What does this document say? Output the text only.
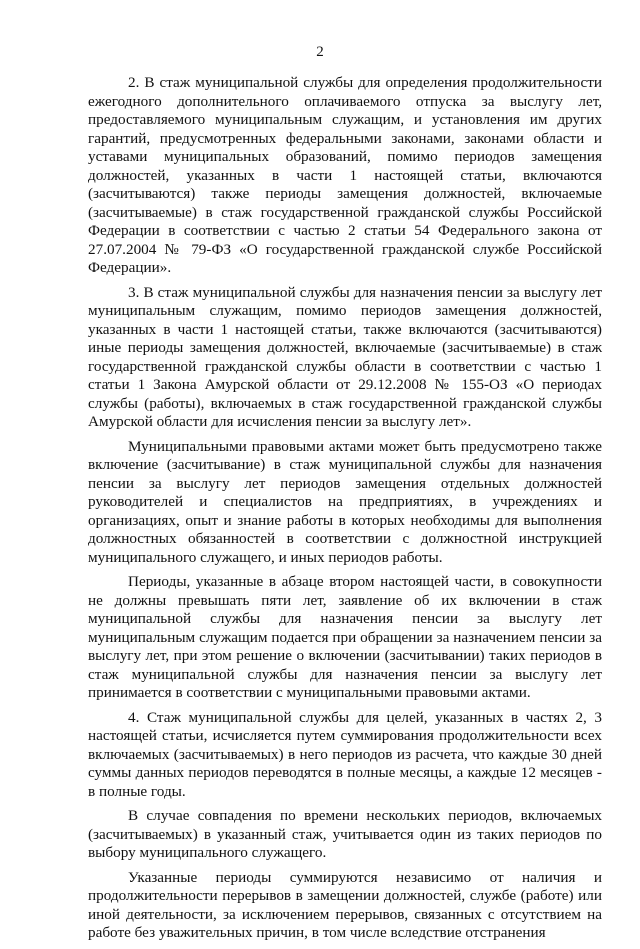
2

2. В стаж муниципальной службы для определения продолжительности ежегодного дополнительного оплачиваемого отпуска за выслугу лет, предоставляемого муниципальным служащим, и установления им других гарантий, предусмотренных федеральными законами, законами области и уставами муниципальных образований, помимо периодов замещения должностей, указанных в части 1 настоящей статьи, включаются (засчитываются) также периоды замещения должностей, включаемые (засчитываемые) в стаж государственной гражданской службы Российской Федерации в соответствии с частью 2 статьи 54 Федерального закона от 27.07.2004 № 79-ФЗ «О государственной гражданской службе Российской Федерации».

3. В стаж муниципальной службы для назначения пенсии за выслугу лет муниципальным служащим, помимо периодов замещения должностей, указанных в части 1 настоящей статьи, также включаются (засчитываются) иные периоды замещения должностей, включаемые (засчитываемые) в стаж государственной гражданской службы области в соответствии с частью 1 статьи 1 Закона Амурской области от 29.12.2008 № 155-ОЗ «О периодах службы (работы), включаемых в стаж государственной гражданской службы Амурской области для исчисления пенсии за выслугу лет».

Муниципальными правовыми актами может быть предусмотрено также включение (засчитывание) в стаж муниципальной службы для назначения пенсии за выслугу лет периодов замещения отдельных должностей руководителей и специалистов на предприятиях, в учреждениях и организациях, опыт и знание работы в которых необходимы для выполнения должностных обязанностей в соответствии с должностной инструкцией муниципального служащего, и иных периодов работы.

Периоды, указанные в абзаце втором настоящей части, в совокупности не должны превышать пяти лет, заявление об их включении в стаж муниципальной службы для назначения пенсии за выслугу лет муниципальным служащим подается при обращении за назначением пенсии за выслугу лет, при этом решение о включении (засчитывании) таких периодов в стаж муниципальной службы для назначения пенсии за выслугу лет принимается в соответствии с муниципальными правовыми актами.

4. Стаж муниципальной службы для целей, указанных в частях 2, 3 настоящей статьи, исчисляется путем суммирования продолжительности всех включаемых (засчитываемых) в него периодов из расчета, что каждые 30 дней суммы данных периодов переводятся в полные месяцы, а каждые 12 месяцев - в полные годы.

В случае совпадения по времени нескольких периодов, включаемых (засчитываемых) в указанный стаж, учитывается один из таких периодов по выбору муниципального служащего.

Указанные периоды суммируются независимо от наличия и продолжительности перерывов в замещении должностей, службе (работе) или иной деятельности, за исключением перерывов, связанных с отсутствием на работе без уважительных причин, в том числе вследствие отстранения
